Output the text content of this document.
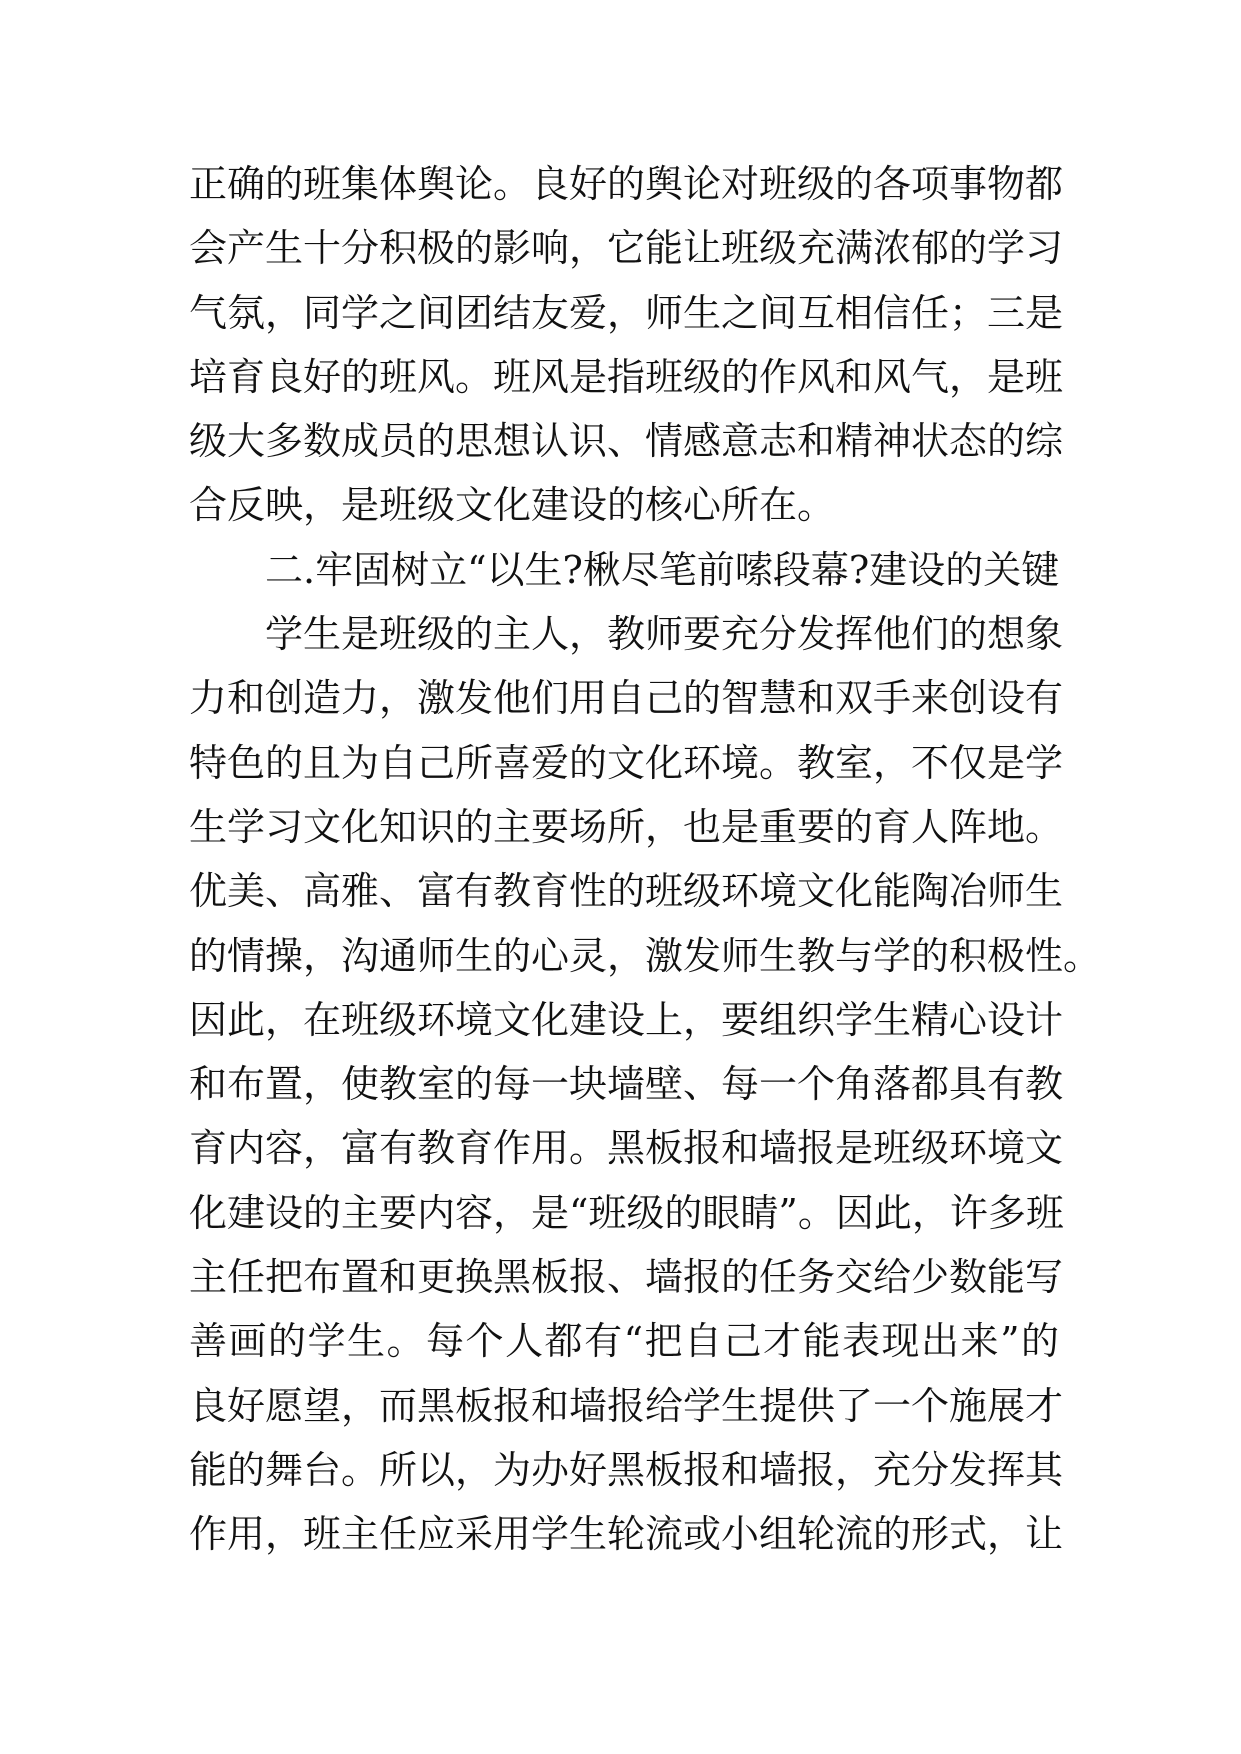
正确的班集体舆论。良好的舆论对班级的各项事物都
会产生十分积极的影响，它能让班级充满浓郁的学习
气氛，同学之间团结友爱，师生之间互相信任；三是
培育良好的班风。班风是指班级的作风和风气，是班
级大多数成员的思想认识、情感意志和精神状态的综
合反映，是班级文化建设的核心所在。
二.牢固树立“以生?楸尽笔前嗦段幕?建设的关键
学生是班级的主人，教师要充分发挥他们的想象
力和创造力，激发他们用自己的智慧和双手来创设有
特色的且为自己所喜爱的文化环境。教室，不仅是学
生学习文化知识的主要场所，也是重要的育人阵地。
优美、高雅、富有教育性的班级环境文化能陶冶师生
的情操，沟通师生的心灵，激发师生教与学的积极性。
因此，在班级环境文化建设上，要组织学生精心设计
和布置，使教室的每一块墙壁、每一个角落都具有教
育内容，富有教育作用。黑板报和墙报是班级环境文
化建设的主要内容，是“班级的眼睛”。因此，许多班
主任把布置和更换黑板报、墙报的任务交给少数能写
善画的学生。每个人都有“把自己才能表现出来”的
良好愿望，而黑板报和墙报给学生提供了一个施展才
能的舞台。所以，为办好黑板报和墙报，充分发挥其
作用，班主任应采用学生轮流或小组轮流的形式，让
